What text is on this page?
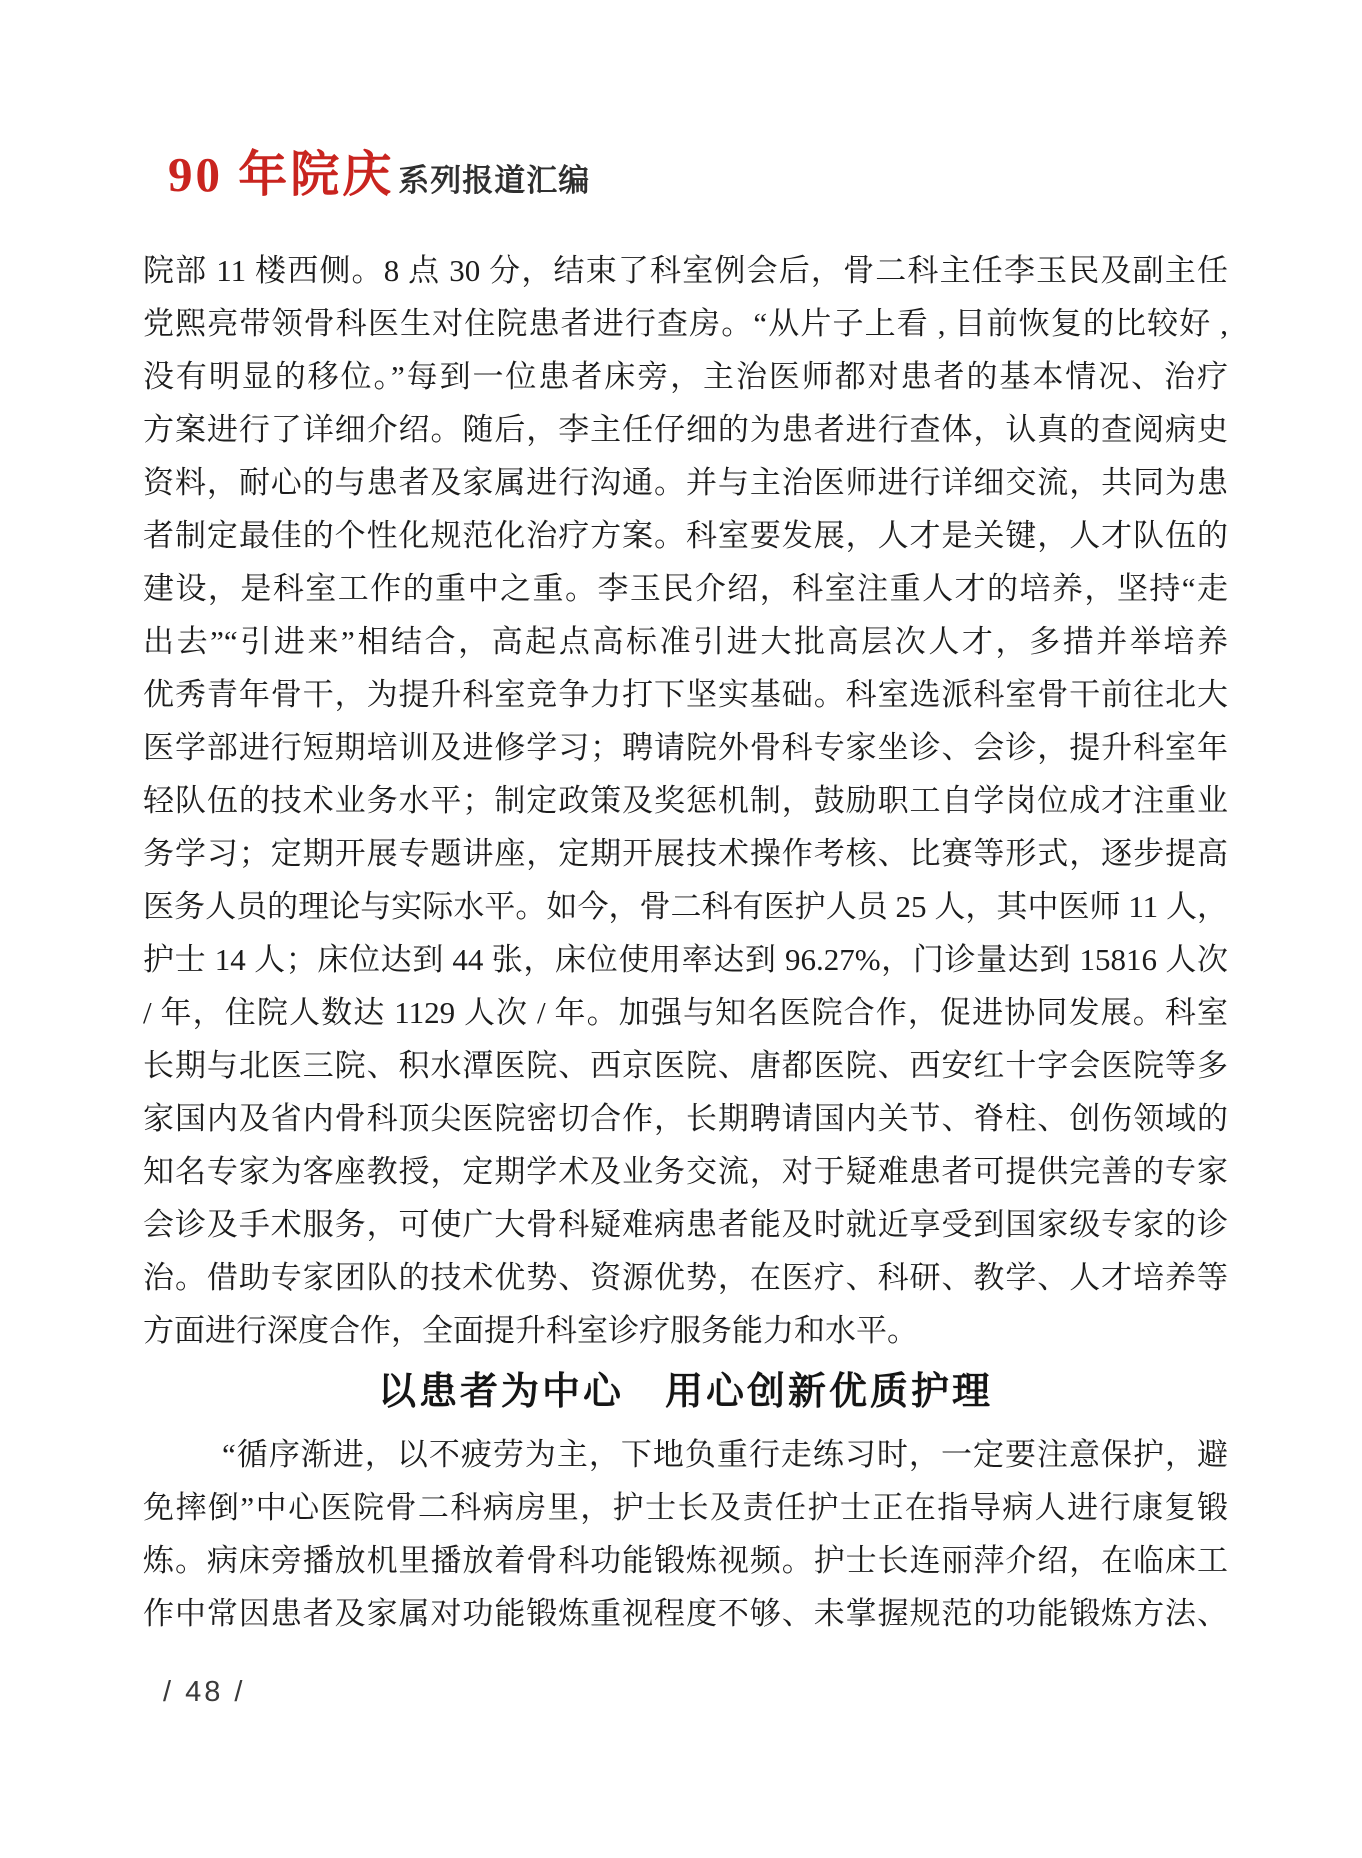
90 年院庆 系列报道汇编
院部 11 楼西侧。8 点 30 分，结束了科室例会后，骨二科主任李玉民及副主任
党熙亮带领骨科医生对住院患者进行查房。“从片子上看 , 目前恢复的比较好 ,
没有明显的移位。”每到一位患者床旁，主治医师都对患者的基本情况、治疗
方案进行了详细介绍。随后，李主任仔细的为患者进行查体，认真的查阅病史
资料，耐心的与患者及家属进行沟通。并与主治医师进行详细交流，共同为患
者制定最佳的个性化规范化治疗方案。科室要发展，人才是关键，人才队伍的
建设，是科室工作的重中之重。李玉民介绍，科室注重人才的培养，坚持“走
出去”“引进来”相结合，高起点高标准引进大批高层次人才，多措并举培养
优秀青年骨干，为提升科室竞争力打下坚实基础。科室选派科室骨干前往北大
医学部进行短期培训及进修学习；聘请院外骨科专家坐诊、会诊，提升科室年
轻队伍的技术业务水平；制定政策及奖惩机制，鼓励职工自学岗位成才注重业
务学习；定期开展专题讲座，定期开展技术操作考核、比赛等形式，逐步提高
医务人员的理论与实际水平。如今，骨二科有医护人员 25 人，其中医师 11 人，
护士 14 人；床位达到 44 张，床位使用率达到 96.27%，门诊量达到 15816 人次
/ 年，住院人数达 1129 人次 / 年。加强与知名医院合作，促进协同发展。科室
长期与北医三院、积水潭医院、西京医院、唐都医院、西安红十字会医院等多
家国内及省内骨科顶尖医院密切合作，长期聘请国内关节、脊柱、创伤领域的
知名专家为客座教授，定期学术及业务交流，对于疑难患者可提供完善的专家
会诊及手术服务，可使广大骨科疑难病患者能及时就近享受到国家级专家的诊
治。借助专家团队的技术优势、资源优势，在医疗、科研、教学、人才培养等
方面进行深度合作，全面提升科室诊疗服务能力和水平。
以患者为中心　用心创新优质护理
“循序渐进，以不疲劳为主，下地负重行走练习时，一定要注意保护，避
免摔倒”中心医院骨二科病房里，护士长及责任护士正在指导病人进行康复锻
炼。病床旁播放机里播放着骨科功能锻炼视频。护士长连丽萍介绍，在临床工
作中常因患者及家属对功能锻炼重视程度不够、未掌握规范的功能锻炼方法、
/ 48 /
